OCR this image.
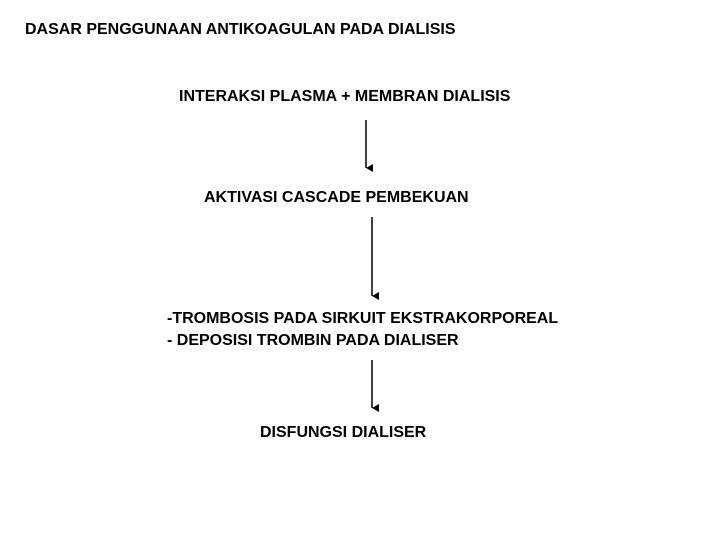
DASAR PENGGUNAAN ANTIKOAGULAN PADA DIALISIS
INTERAKSI PLASMA + MEMBRAN DIALISIS
AKTIVASI CASCADE PEMBEKUAN
-TROMBOSIS PADA SIRKUIT EKSTRAKORPOREAL
- DEPOSISI TROMBIN PADA DIALISER
DISFUNGSI DIALISER
